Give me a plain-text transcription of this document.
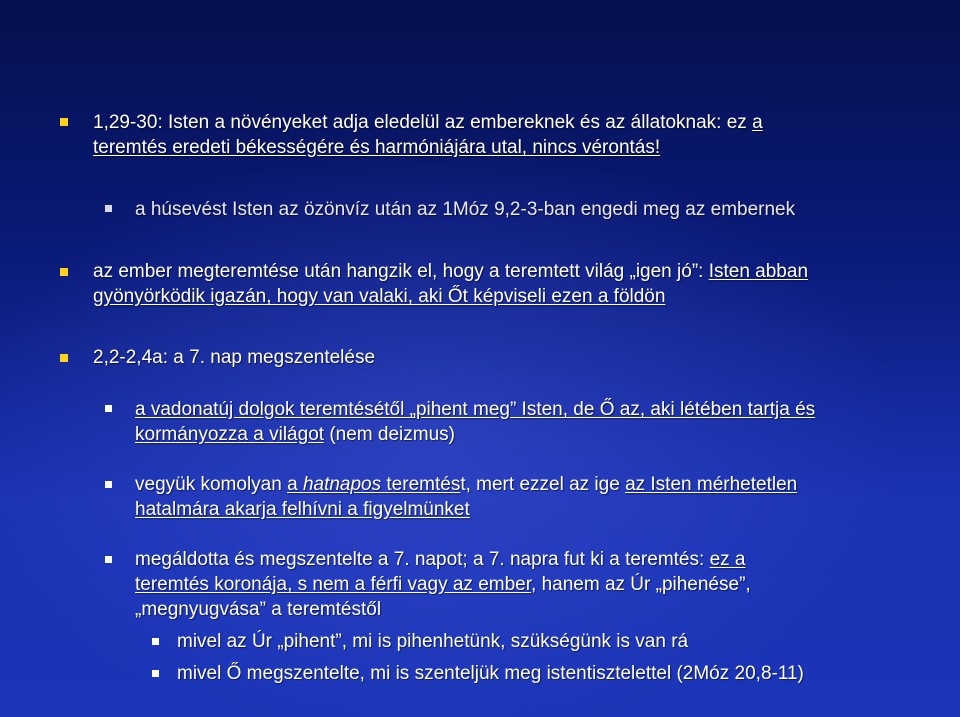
1,29-30: Isten a növényeket adja eledelül az embereknek és az állatoknak: ez a
teremtés eredeti békességére és harmóniájára utal, nincs vérontás!
a húsevést Isten az özönvíz után az 1Móz 9,2-3-ban engedi meg az embernek
az ember megteremtése után hangzik el, hogy a teremtett világ „igen jó”: Isten abban
gyönyörködik igazán, hogy van valaki, aki Őt képviseli ezen a földön
2,2-2,4a: a 7. nap megszentelése
a vadonatúj dolgok teremtésétől „pihent meg” Isten, de Ő az, aki létében tartja és
kormányozza a világot (nem deizmus)
vegyük komolyan a hatnapos teremtést, mert ezzel az ige az Isten mérhetetlen
hatalmára akarja felhívni a figyelmünket
megáldotta és megszentelte a 7. napot; a 7. napra fut ki a teremtés: ez a
teremtés koronája, s nem a férfi vagy az ember, hanem az Úr „pihenése”,
„megnyugvása” a teremtéstől
mivel az Úr „pihent”, mi is pihenhetünk, szükségünk is van rá
mivel Ő megszentelte, mi is szenteljük meg istentisztelettel (2Móz 20,8-11)
